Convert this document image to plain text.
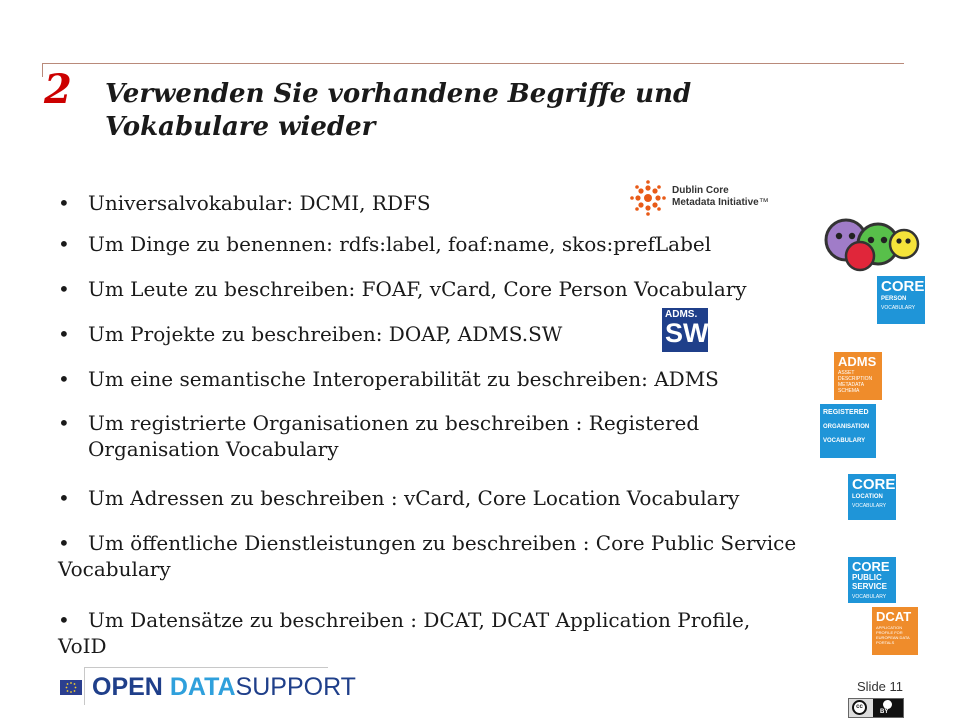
2 Verwenden Sie vorhandene Begriffe und
Vokabulare wieder
• Universalvokabular: DCMI, RDFS
• Um Dinge zu benennen: rdfs:label, foaf:name, skos:prefLabel
• Um Leute zu beschreiben: FOAF, vCard, Core Person Vocabulary
• Um Projekte zu beschreiben: DOAP, ADMS.SW
• Um eine semantische Interoperabilität zu beschreiben: ADMS
• Um registrierte Organisationen zu beschreiben : Registered
Organisation Vocabulary
• Um Adressen zu beschreiben : vCard, Core Location Vocabulary
• Um öffentliche Dienstleistungen zu beschreiben : Core Public Service
Vocabulary
• Um Datensätze zu beschreiben : DCAT, DCAT Application Profile,
VoID
Dublin Core
Metadata Initiative™
CORE
PERSON
VOCABULARY
ADMS.
SW
ADMS
ASSET DESCRIPTION METADATA SCHEMA
REGISTERED
ORGANISATION
VOCABULARY
CORE
LOCATION
VOCABULARY
CORE
PUBLIC
SERVICE
VOCABULARY
DCAT
APPLICATION PROFILE FOR EUROPEAN DATA PORTALS
OPEN DATASUPPORT	Slide 11
cc
BY
